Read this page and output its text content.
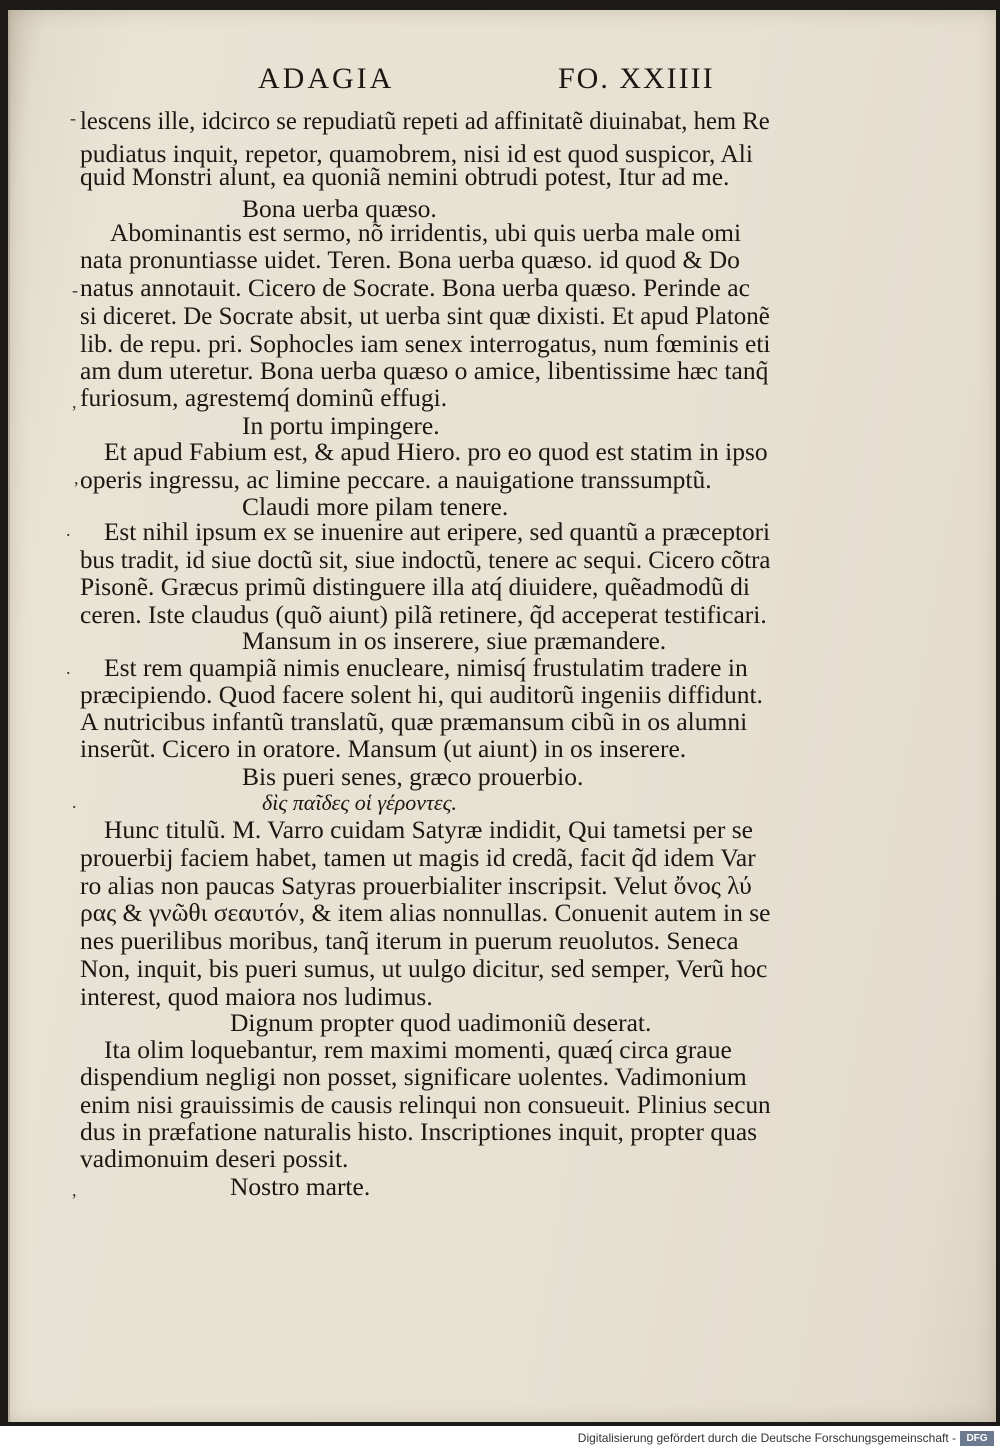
ADAGIA	FO. XXIIII
lescens ille, idcirco se repudiatũ repeti ad affinitatẽ diuinabat, hem Re
pudiatus inquit, repetor, quamobrem, nisi id est quod suspicor, Ali
quid Monstri alunt, ea quoniã nemini obtrudi potest, Itur ad me.
Bona uerba quæso.
Abominantis est sermo, nõ irridentis, ubi quis uerba male omi
nata pronuntiasse uidet. Teren. Bona uerba quæso. id quod & Do
natus annotauit. Cicero de Socrate. Bona uerba quæso. Perinde ac
si diceret. De Socrate absit, ut uerba sint quæ dixisti. Et apud Platonẽ
lib. de repu. pri. Sophocles iam senex interrogatus, num fœminis eti
am dum uteretur. Bona uerba quæso o amice, libentissime hæc tanq̃
furiosum, agrestemq́ dominũ effugi.
In portu impingere.
Et apud Fabium est, & apud Hiero. pro eo quod est statim in ipso
operis ingressu, ac limine peccare. a nauigatione transsumptũ.
Claudi more pilam tenere.
Est nihil ipsum ex se inuenire aut eripere, sed quantũ a præceptori
bus tradit, id siue doctũ sit, siue indoctũ, tenere ac sequi. Cicero cõtra
Pisonẽ. Græcus primũ distinguere illa atq́ diuidere, quẽadmodũ di
ceren. Iste claudus (quõ aiunt) pilã retinere, q̃d acceperat testificari.
Mansum in os inserere, siue præmandere.
Est rem quampiã nimis enucleare, nimisq́ frustulatim tradere in
præcipiendo. Quod facere solent hi, qui auditorũ ingeniis diffidunt.
A nutricibus infantũ translatũ, quæ præmansum cibũ in os alumni
inserũt. Cicero in oratore. Mansum (ut aiunt) in os inserere.
Bis pueri senes, græco prouerbio.
δὶς παῖδες οἱ γέροντες.
Hunc titulũ. M. Varro cuidam Satyræ indidit, Qui tametsi per se
prouerbij faciem habet, tamen ut magis id credã, facit q̃d idem Var
ro alias non paucas Satyras prouerbialiter inscripsit. Velut ὄνος λύ
ρας & γνῶθι σεαυτόν, & item alias nonnullas. Conuenit autem in se
nes puerilibus moribus, tanq̃ iterum in puerum reuolutos. Seneca
Non, inquit, bis pueri sumus, ut uulgo dicitur, sed semper, Verũ hoc
interest, quod maiora nos ludimus.
Dignum propter quod uadimoniũ deserat.
Ita olim loquebantur, rem maximi momenti, quæq́ circa graue
dispendium negligi non posset, significare uolentes. Vadimonium
enim nisi grauissimis de causis relinqui non consueuit. Plinius secun
dus in præfatione naturalis histo. Inscriptiones inquit, propter quas
vadimonuim deseri possit.
Nostro marte.
-
-
,
,
.
.
.
,
Digitalisierung gefördert durch die Deutsche Forschungsgemeinschaft -	DFG
